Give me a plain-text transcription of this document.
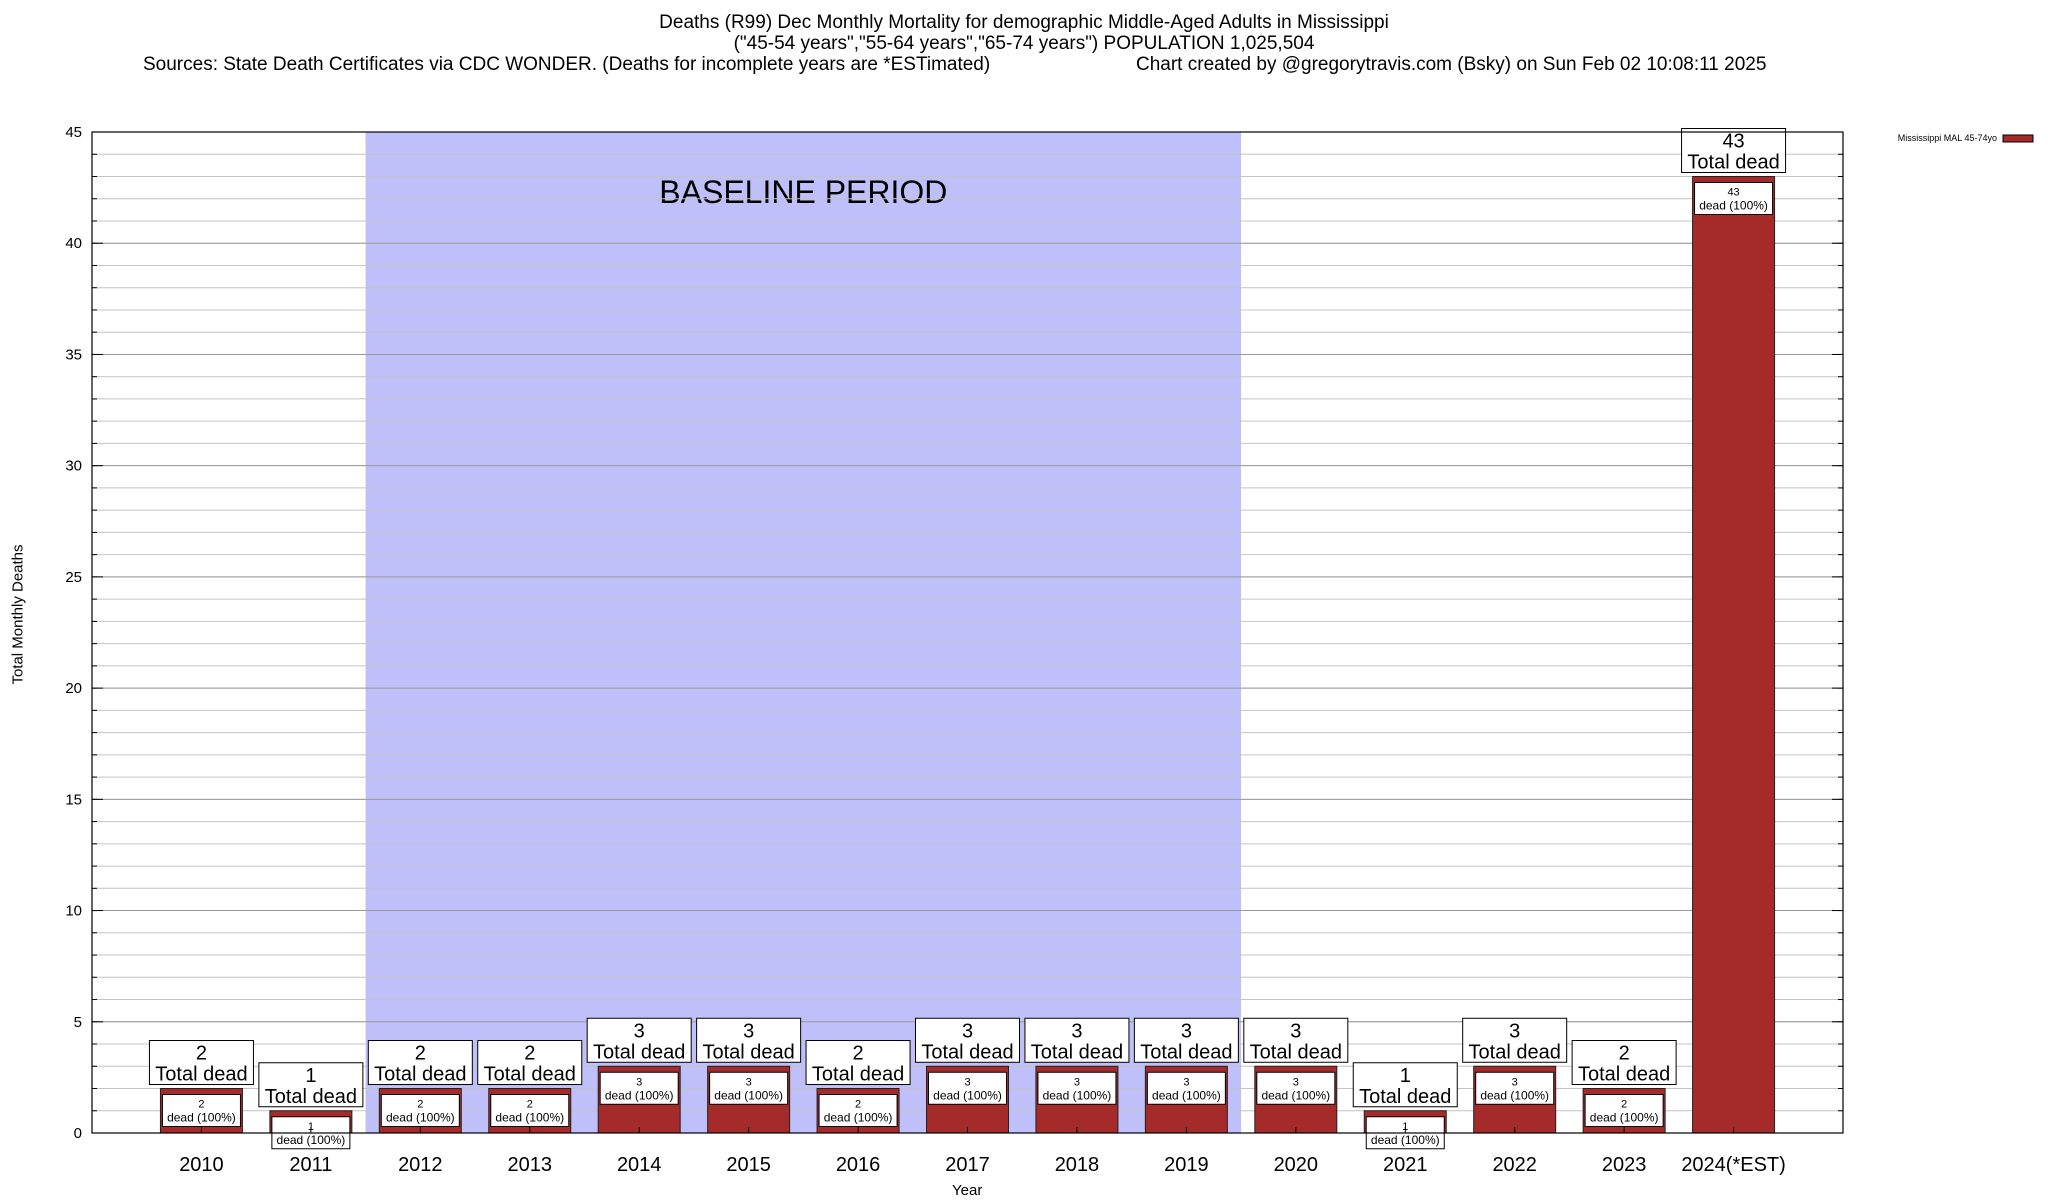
Deaths (R99) Dec Monthly Mortality for demographic Middle-Aged Adults in Mississippi
("45-54 years","55-64 years","65-74 years") POPULATION 1,025,504
Sources: State Death Certificates via CDC WONDER. (Deaths for incomplete years are *ESTimated)	Chart created by @gregorytravis.com (Bsky) on Sun Feb 02 10:08:11 2025
BASELINE PERIOD
0
5
10
15
20
25
30
35
40
45
2
dead (100%)
2
Total dead
2010
1
dead (100%)
1
Total dead
2011
2
dead (100%)
2
Total dead
2012
2
dead (100%)
2
Total dead
2013
3
dead (100%)
3
Total dead
2014
3
dead (100%)
3
Total dead
2015
2
dead (100%)
2
Total dead
2016
3
dead (100%)
3
Total dead
2017
3
dead (100%)
3
Total dead
2018
3
dead (100%)
3
Total dead
2019
3
dead (100%)
3
Total dead
2020
1
dead (100%)
1
Total dead
2021
3
dead (100%)
3
Total dead
2022
2
dead (100%)
2
Total dead
2023
43
dead (100%)
43
Total dead
2024(*EST)
Mississippi MAL 45-74yo
Total Monthly Deaths
Year
